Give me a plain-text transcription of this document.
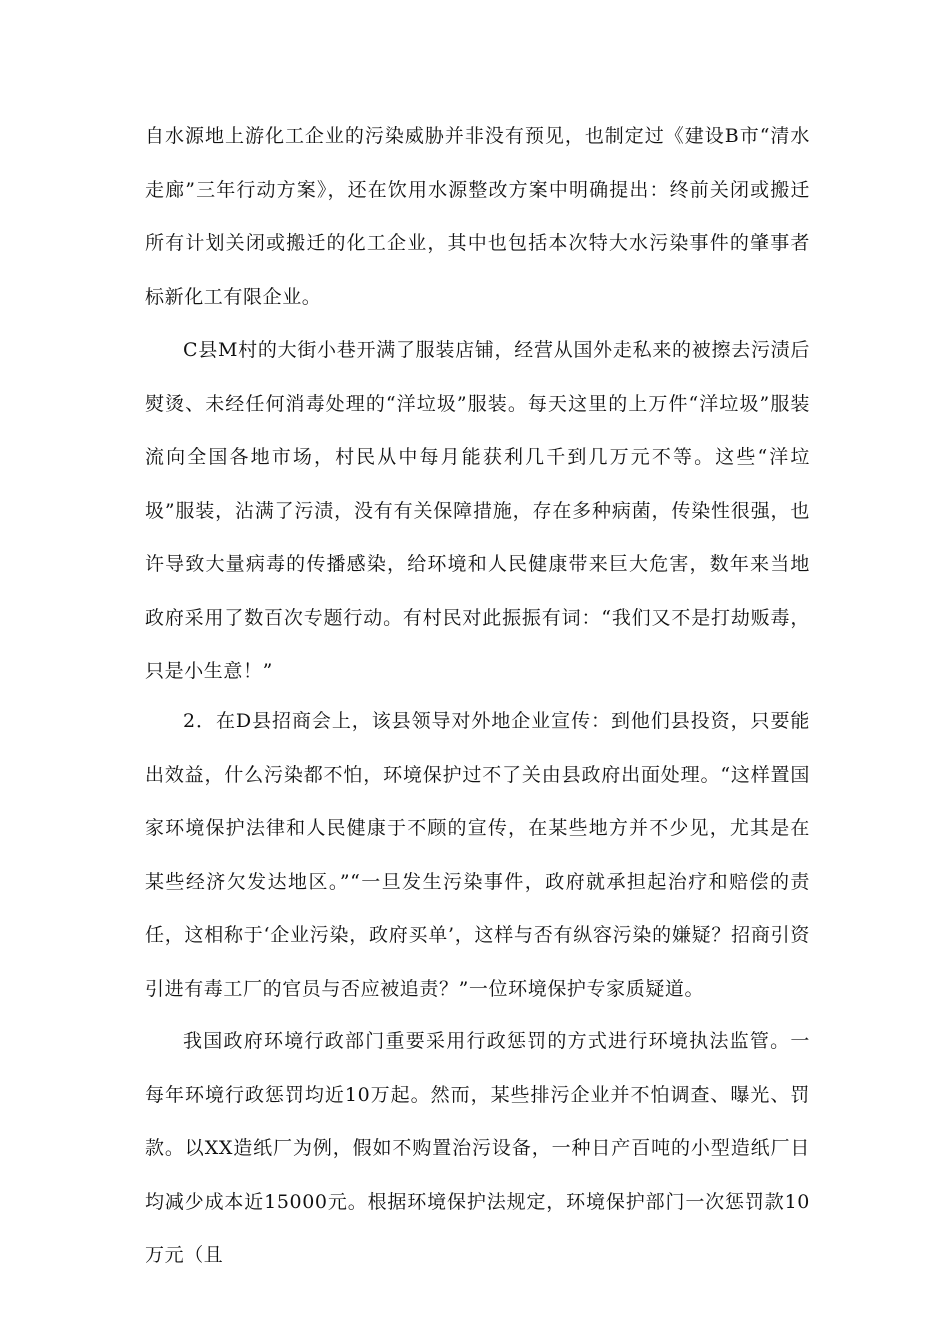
自水源地上游化工企业的污染威胁并非没有预见，也制定过《建设B市“清水走廊”三年行动方案》，还在饮用水源整改方案中明确提出：终前关闭或搬迁所有计划关闭或搬迁的化工企业，其中也包括本次特大水污染事件的肇事者标新化工有限企业。

C县M村的大街小巷开满了服装店铺，经营从国外走私来的被擦去污渍后熨烫、未经任何消毒处理的“洋垃圾”服装。每天这里的上万件“洋垃圾”服装流向全国各地市场，村民从中每月能获利几千到几万元不等。这些“洋垃圾”服装，沾满了污渍，没有有关保障措施，存在多种病菌，传染性很强，也许导致大量病毒的传播感染，给环境和人民健康带来巨大危害，数年来当地政府采用了数百次专题行动。有村民对此振振有词：“我们又不是打劫贩毒，只是小生意！”

2．在D县招商会上，该县领导对外地企业宣传：到他们县投资，只要能出效益，什么污染都不怕，环境保护过不了关由县政府出面处理。“这样置国家环境保护法律和人民健康于不顾的宣传，在某些地方并不少见，尤其是在某些经济欠发达地区。”“一旦发生污染事件，政府就承担起治疗和赔偿的责任，这相称于‘企业污染，政府买单’，这样与否有纵容污染的嫌疑？招商引资引进有毒工厂的官员与否应被追责？”一位环境保护专家质疑道。

我国政府环境行政部门重要采用行政惩罚的方式进行环境执法监管。一每年环境行政惩罚均近10万起。然而，某些排污企业并不怕调查、曝光、罚款。以XX造纸厂为例，假如不购置治污设备，一种日产百吨的小型造纸厂日均减少成本近15000元。根据环境保护法规定，环境保护部门一次惩罚款10万元（且
